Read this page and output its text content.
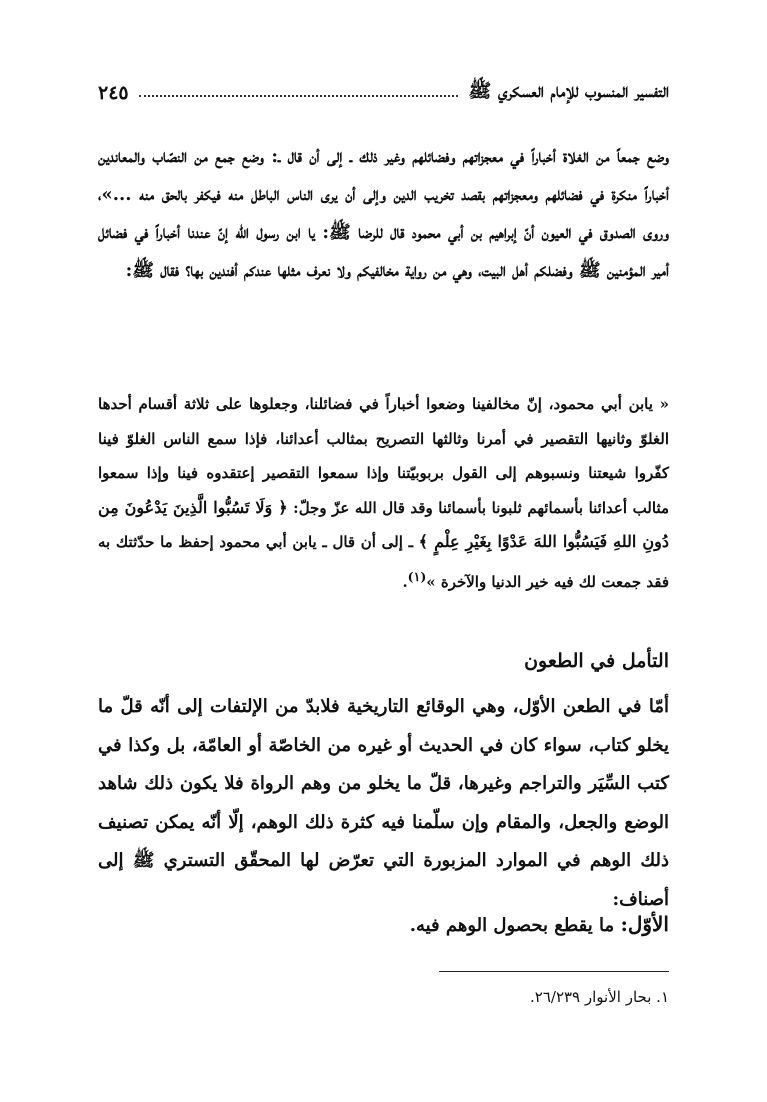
التفسير المنسوب للإمام العسكري ﷺ
٢٤٥
وضع جمعاً من الغلاة أخباراً في معجزاتهم وفضائلهم وغير ذلك ـ إلى أن قال ـ: وضع جمع من النصّاب والمعاندين أخباراً منكرة في فضائلهم ومعجزاتهم بقصد تخريب الدين وإلى أن يرى الناس الباطل منه فيكفر بالحق منه ...»، وروى الصدوق في العيون أنّ إبراهيم بن أبي محمود قال للرضا ﷺ: يا ابن رسول الله إنّ عندنا أخباراً في فضائل أمير المؤمنين ﷺ وفضلكم أهل البيت، وهي من رواية مخالفيكم ولا نعرف مثلها عندكم أفندين بها؟ فقال ﷺ:
« يابن أبي محمود، إنّ مخالفينا وضعوا أخباراً في فضائلنا، وجعلوها على ثلاثة أقسام أحدها الغلوّ وثانيها التقصير في أمرنا وثالثها التصريح بمثالب أعدائنا، فإذا سمع الناس الغلوّ فينا كفّروا شيعتنا ونسبوهم إلى القول بربوبيّتنا وإذا سمعوا التقصير إعتقدوه فينا وإذا سمعوا مثالب أعدائنا بأسمائهم ثلبونا بأسمائنا وقد قال الله عزّ وجلّ: ﴿ وَلَا تَسُبُّوا الَّذِينَ يَدْعُونَ مِن دُونِ اللهِ فَيَسُبُّوا اللهَ عَدْوًا بِغَيْرِ عِلْمٍ ﴾ ـ إلى أن قال ـ يابن أبي محمود إحفظ ما حدّثتك به فقد جمعت لك فيه خير الدنيا والآخرة »$^{(١)}$.
التأمل في الطعون
أمّا في الطعن الأوّل، وهي الوقائع التاريخية فلابدّ من الإلتفات إلى أنّه قلّ ما يخلو كتاب، سواء كان في الحديث أو غيره من الخاصّة أو العامّة، بل وكذا في كتب السِّيَر والتراجم وغيرها، قلّ ما يخلو من وهم الرواة فلا يكون ذلك شاهد الوضع والجعل، والمقام وإن سلّمنا فيه كثرة ذلك الوهم، إلّا أنّه يمكن تصنيف ذلك الوهم في الموارد المزبورة التي تعرّض لها المحقّق التستري ﷺ إلى أصناف:
الأوّل: ما يقطع بحصول الوهم فيه.
١. بحار الأنوار ٢٦/٢٣٩.
